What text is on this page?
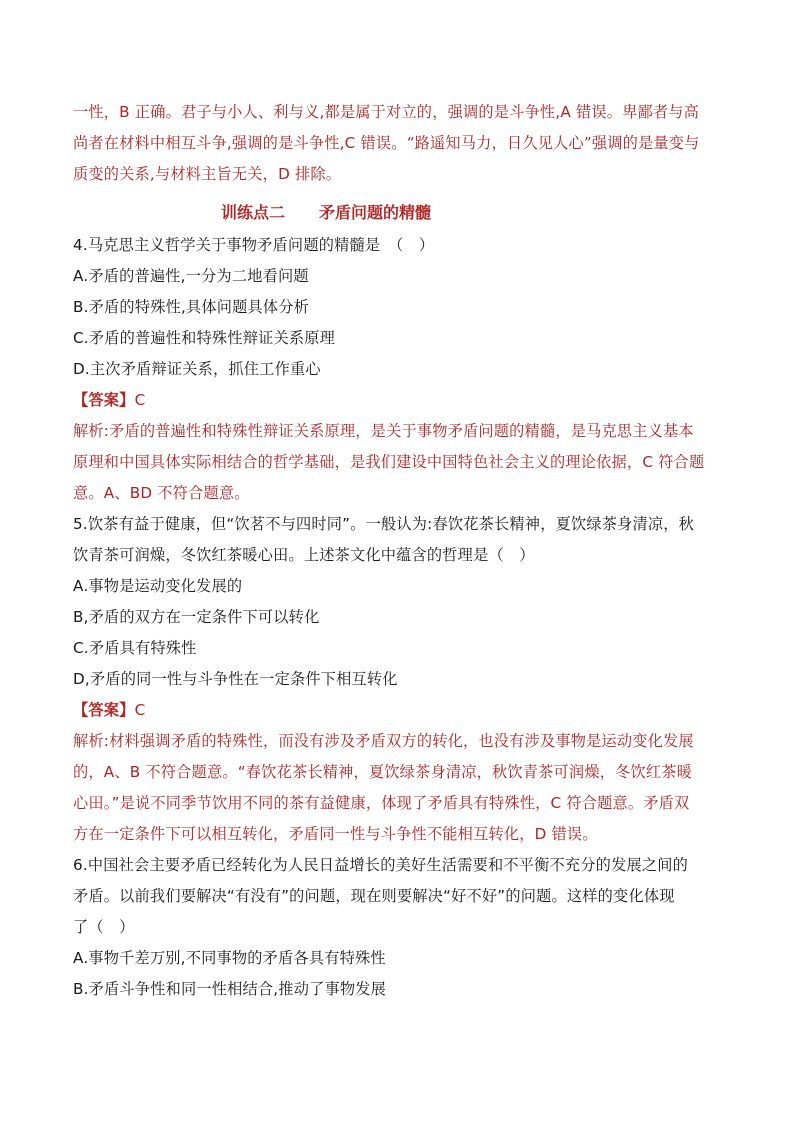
一性，B 正确。君子与小人、利与义,都是属于对立的，强调的是斗争性,A 错误。卑鄙者与高
尚者在材料中相互斗争,强调的是斗争性,C 错误。“路遥知马力，日久见人心”强调的是量变与
质变的关系,与材料主旨无关，D 排除。
训练点二 矛盾问题的精髓
4.马克思主义哲学关于事物矛盾问题的精髓是　（　）
A.矛盾的普遍性,一分为二地看问题
B.矛盾的特殊性,具体问题具体分析
C.矛盾的普遍性和特殊性辩证关系原理
D.主次矛盾辩证关系，抓住工作重心
【答案】C
解析:矛盾的普遍性和特殊性辩证关系原理，是关于事物矛盾问题的精髓，是马克思主义基本
原理和中国具体实际相结合的哲学基础，是我们建设中国特色社会主义的理论依据，C 符合题
意。A、BD 不符合题意。
5.饮茶有益于健康，但“饮茗不与四时同”。一般认为:春饮花茶长精神，夏饮绿茶身清凉，秋
饮青茶可润燥，冬饮红茶暖心田。上述茶文化中蕴含的哲理是（　）
A.事物是运动变化发展的
B,矛盾的双方在一定条件下可以转化
C.矛盾具有特殊性
D,矛盾的同一性与斗争性在一定条件下相互转化
【答案】C
解析:材料强调矛盾的特殊性，而没有涉及矛盾双方的转化，也没有涉及事物是运动变化发展
的，A、B 不符合题意。“春饮花茶长精神，夏饮绿茶身清凉，秋饮青茶可润燥，冬饮红茶暖
心田。”是说不同季节饮用不同的茶有益健康，体现了矛盾具有特殊性，C 符合题意。矛盾双
方在一定条件下可以相互转化，矛盾同一性与斗争性不能相互转化，D 错误。
6.中国社会主要矛盾已经转化为人民日益增长的美好生活需要和不平衡不充分的发展之间的
矛盾。以前我们要解决“有没有”的问题，现在则要解决“好不好”的问题。这样的变化体现
了（　）
A.事物千差万别,不同事物的矛盾各具有特殊性
B.矛盾斗争性和同一性相结合,推动了事物发展
